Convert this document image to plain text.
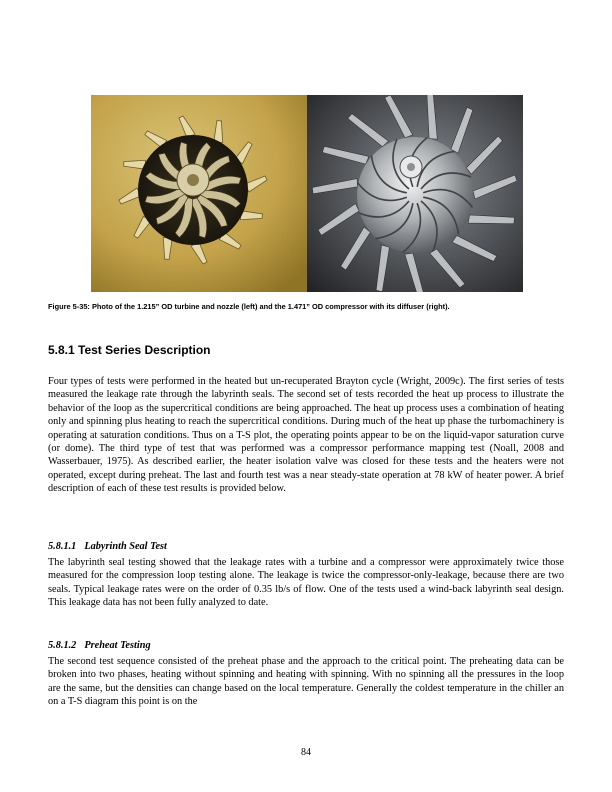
Figure 5-35: Photo of the 1.215” OD turbine and nozzle (left) and the 1.471” OD compressor with its diffuser (right).
5.8.1 Test Series Description

Four types of tests were performed in the heated but un-recuperated Brayton cycle (Wright, 2009c). The first series of tests measured the leakage rate through the labyrinth seals. The second set of tests recorded the heat up process to illustrate the behavior of the loop as the supercritical conditions are being approached. The heat up process uses a combination of heating only and spinning plus heating to reach the supercritical conditions. During much of the heat up phase the turbomachinery is operating at saturation conditions. Thus on a T-S plot, the operating points appear to be on the liquid-vapor saturation curve (or dome). The third type of test that was performed was a compressor performance mapping test (Noall, 2008 and Wasserbauer, 1975). As described earlier, the heater isolation valve was closed for these tests and the heaters were not operated, except during preheat. The last and fourth test was a near steady-state operation at 78 kW of heater power. A brief description of each of these test results is provided below.

5.8.1.1 Labyrinth Seal Test

The labyrinth seal testing showed that the leakage rates with a turbine and a compressor were approximately twice those measured for the compression loop testing alone. The leakage is twice the compressor-only-leakage, because there are two seals. Typical leakage rates were on the order of 0.35 lb/s of flow. One of the tests used a wind-back labyrinth seal design. This leakage data has not been fully analyzed to date.

5.8.1.2 Preheat Testing

The second test sequence consisted of the preheat phase and the approach to the critical point. The preheating data can be broken into two phases, heating without spinning and heating with spinning. With no spinning all the pressures in the loop are the same, but the densities can change based on the local temperature. Generally the coldest temperature in the chiller an on a T-S diagram this point is on the

84
